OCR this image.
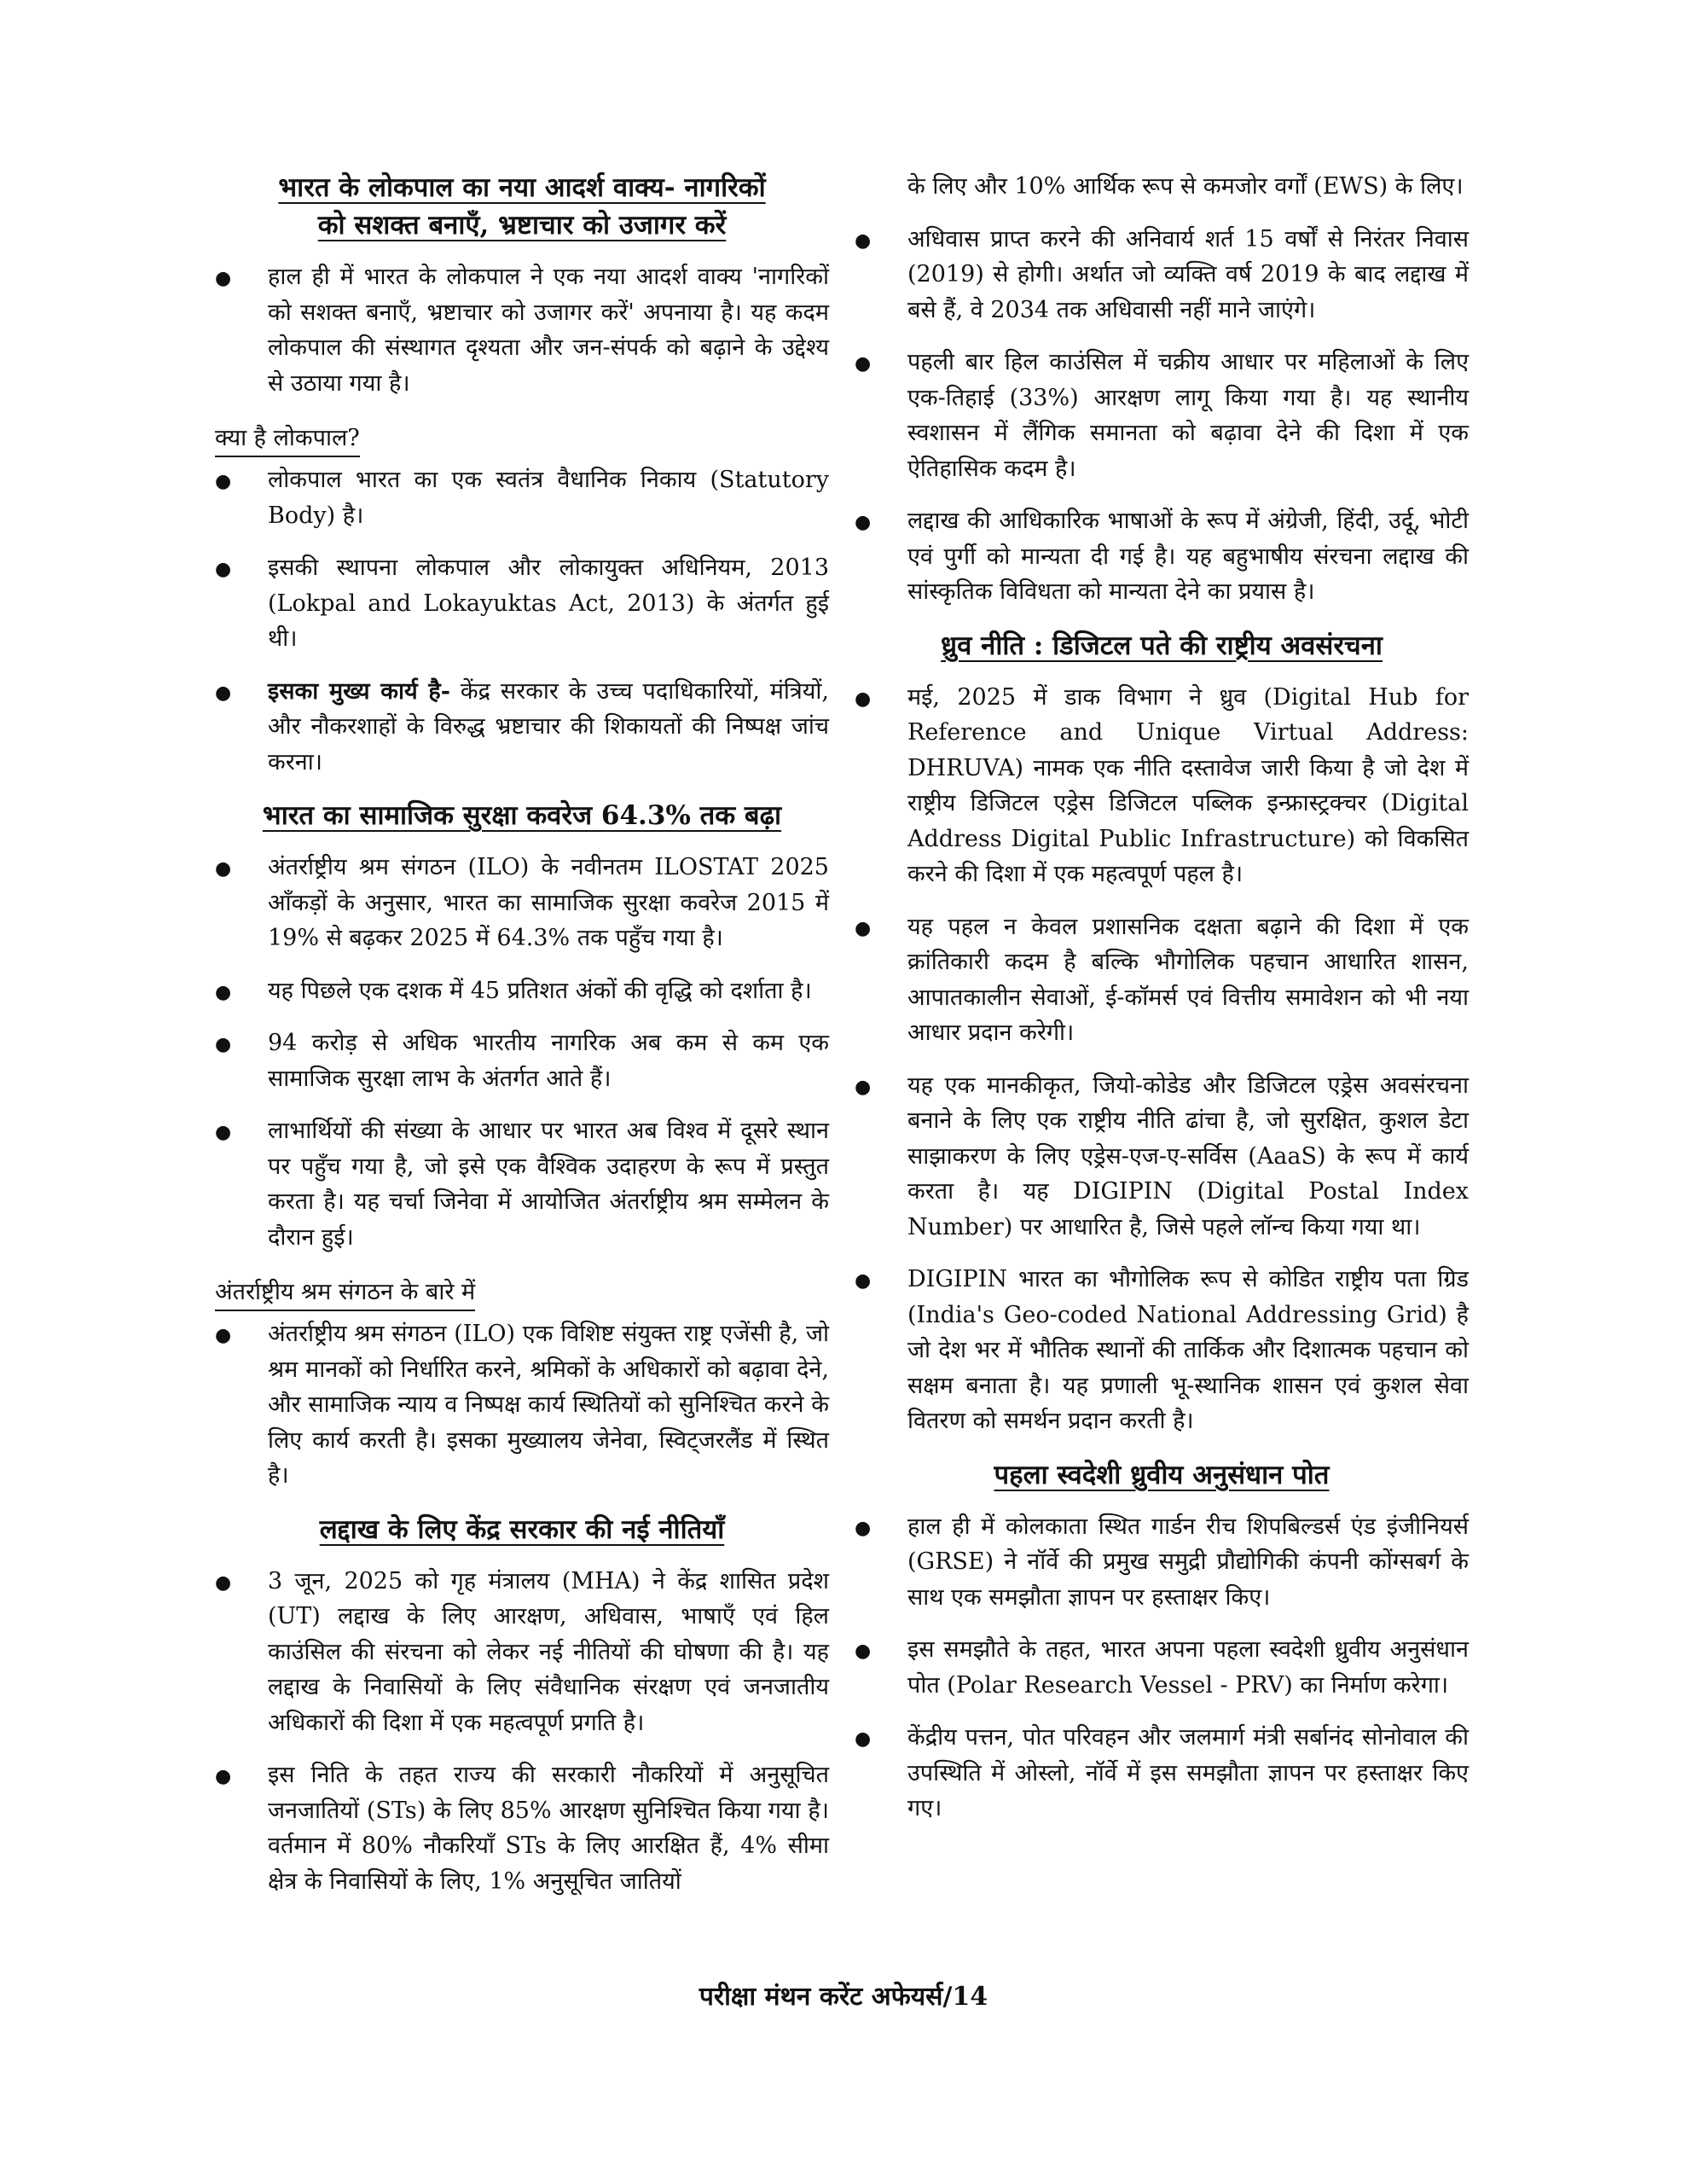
भारत के लोकपाल का नया आदर्श वाक्य- नागरिकों
को सशक्त बनाएँ, भ्रष्टाचार को उजागर करें
● हाल ही में भारत के लोकपाल ने एक नया आदर्श वाक्य 'नागरिकों को सशक्त बनाएँ, भ्रष्टाचार को उजागर करें' अपनाया है। यह कदम लोकपाल की संस्थागत दृश्यता और जन-संपर्क को बढ़ाने के उद्देश्य से उठाया गया है।
क्या है लोकपाल?
● लोकपाल भारत का एक स्वतंत्र वैधानिक निकाय (Statutory Body) है।
● इसकी स्थापना लोकपाल और लोकायुक्त अधिनियम, 2013 (Lokpal and Lokayuktas Act, 2013) के अंतर्गत हुई थी।
● इसका मुख्य कार्य है- केंद्र सरकार के उच्च पदाधिकारियों, मंत्रियों, और नौकरशाहों के विरुद्ध भ्रष्टाचार की शिकायतों की निष्पक्ष जांच करना।
भारत का सामाजिक सुरक्षा कवरेज 64.3% तक बढ़ा
● अंतर्राष्ट्रीय श्रम संगठन (ILO) के नवीनतम ILOSTAT 2025 आँकड़ों के अनुसार, भारत का सामाजिक सुरक्षा कवरेज 2015 में 19% से बढ़कर 2025 में 64.3% तक पहुँच गया है।
● यह पिछले एक दशक में 45 प्रतिशत अंकों की वृद्धि को दर्शाता है।
● 94 करोड़ से अधिक भारतीय नागरिक अब कम से कम एक सामाजिक सुरक्षा लाभ के अंतर्गत आते हैं।
● लाभार्थियों की संख्या के आधार पर भारत अब विश्व में दूसरे स्थान पर पहुँच गया है, जो इसे एक वैश्विक उदाहरण के रूप में प्रस्तुत करता है। यह चर्चा जिनेवा में आयोजित अंतर्राष्ट्रीय श्रम सम्मेलन के दौरान हुई।
अंतर्राष्ट्रीय श्रम संगठन के बारे में
● अंतर्राष्ट्रीय श्रम संगठन (ILO) एक विशिष्ट संयुक्त राष्ट्र एजेंसी है, जो श्रम मानकों को निर्धारित करने, श्रमिकों के अधिकारों को बढ़ावा देने, और सामाजिक न्याय व निष्पक्ष कार्य स्थितियों को सुनिश्चित करने के लिए कार्य करती है। इसका मुख्यालय जेनेवा, स्विट्जरलैंड में स्थित है।
लद्दाख के लिए केंद्र सरकार की नई नीतियाँ
● 3 जून, 2025 को गृह मंत्रालय (MHA) ने केंद्र शासित प्रदेश (UT) लद्दाख के लिए आरक्षण, अधिवास, भाषाएँ एवं हिल काउंसिल की संरचना को लेकर नई नीतियों की घोषणा की है। यह लद्दाख के निवासियों के लिए संवैधानिक संरक्षण एवं जनजातीय अधिकारों की दिशा में एक महत्वपूर्ण प्रगति है।
● इस निति के तहत राज्य की सरकारी नौकरियों में अनुसूचित जनजातियों (STs) के लिए 85% आरक्षण सुनिश्चित किया गया है। वर्तमान में 80% नौकरियाँ STs के लिए आरक्षित हैं, 4% सीमा क्षेत्र के निवासियों के लिए, 1% अनुसूचित जातियों
के लिए और 10% आर्थिक रूप से कमजोर वर्गों (EWS) के लिए।
● अधिवास प्राप्त करने की अनिवार्य शर्त 15 वर्षों से निरंतर निवास (2019) से होगी। अर्थात जो व्यक्ति वर्ष 2019 के बाद लद्दाख में बसे हैं, वे 2034 तक अधिवासी नहीं माने जाएंगे।
● पहली बार हिल काउंसिल में चक्रीय आधार पर महिलाओं के लिए एक-तिहाई (33%) आरक्षण लागू किया गया है। यह स्थानीय स्वशासन में लैंगिक समानता को बढ़ावा देने की दिशा में एक ऐतिहासिक कदम है।
● लद्दाख की आधिकारिक भाषाओं के रूप में अंग्रेजी, हिंदी, उर्दू, भोटी एवं पुर्गी को मान्यता दी गई है। यह बहुभाषीय संरचना लद्दाख की सांस्कृतिक विविधता को मान्यता देने का प्रयास है।
ध्रुव नीति : डिजिटल पते की राष्ट्रीय अवसंरचना
● मई, 2025 में डाक विभाग ने ध्रुव (Digital Hub for Reference and Unique Virtual Address: DHRUVA) नामक एक नीति दस्तावेज जारी किया है जो देश में राष्ट्रीय डिजिटल एड्रेस डिजिटल पब्लिक इन्फ्रास्ट्रक्चर (Digital Address Digital Public Infrastructure) को विकसित करने की दिशा में एक महत्वपूर्ण पहल है।
● यह पहल न केवल प्रशासनिक दक्षता बढ़ाने की दिशा में एक क्रांतिकारी कदम है बल्कि भौगोलिक पहचान आधारित शासन, आपातकालीन सेवाओं, ई-कॉमर्स एवं वित्तीय समावेशन को भी नया आधार प्रदान करेगी।
● यह एक मानकीकृत, जियो-कोडेड और डिजिटल एड्रेस अवसंरचना बनाने के लिए एक राष्ट्रीय नीति ढांचा है, जो सुरक्षित, कुशल डेटा साझाकरण के लिए एड्रेस-एज-ए-सर्विस (AaaS) के रूप में कार्य करता है। यह DIGIPIN (Digital Postal Index Number) पर आधारित है, जिसे पहले लॉन्च किया गया था।
● DIGIPIN भारत का भौगोलिक रूप से कोडित राष्ट्रीय पता ग्रिड (India's Geo-coded National Addressing Grid) है जो देश भर में भौतिक स्थानों की तार्किक और दिशात्मक पहचान को सक्षम बनाता है। यह प्रणाली भू-स्थानिक शासन एवं कुशल सेवा वितरण को समर्थन प्रदान करती है।
पहला स्वदेशी ध्रुवीय अनुसंधान पोत
● हाल ही में कोलकाता स्थित गार्डन रीच शिपबिल्डर्स एंड इंजीनियर्स (GRSE) ने नॉर्वे की प्रमुख समुद्री प्रौद्योगिकी कंपनी कोंग्सबर्ग के साथ एक समझौता ज्ञापन पर हस्ताक्षर किए।
● इस समझौते के तहत, भारत अपना पहला स्वदेशी ध्रुवीय अनुसंधान पोत (Polar Research Vessel - PRV) का निर्माण करेगा।
● केंद्रीय पत्तन, पोत परिवहन और जलमार्ग मंत्री सर्बानंद सोनोवाल की उपस्थिति में ओस्लो, नॉर्वे में इस समझौता ज्ञापन पर हस्ताक्षर किए गए।
परीक्षा मंथन करेंट अफेयर्स/14
